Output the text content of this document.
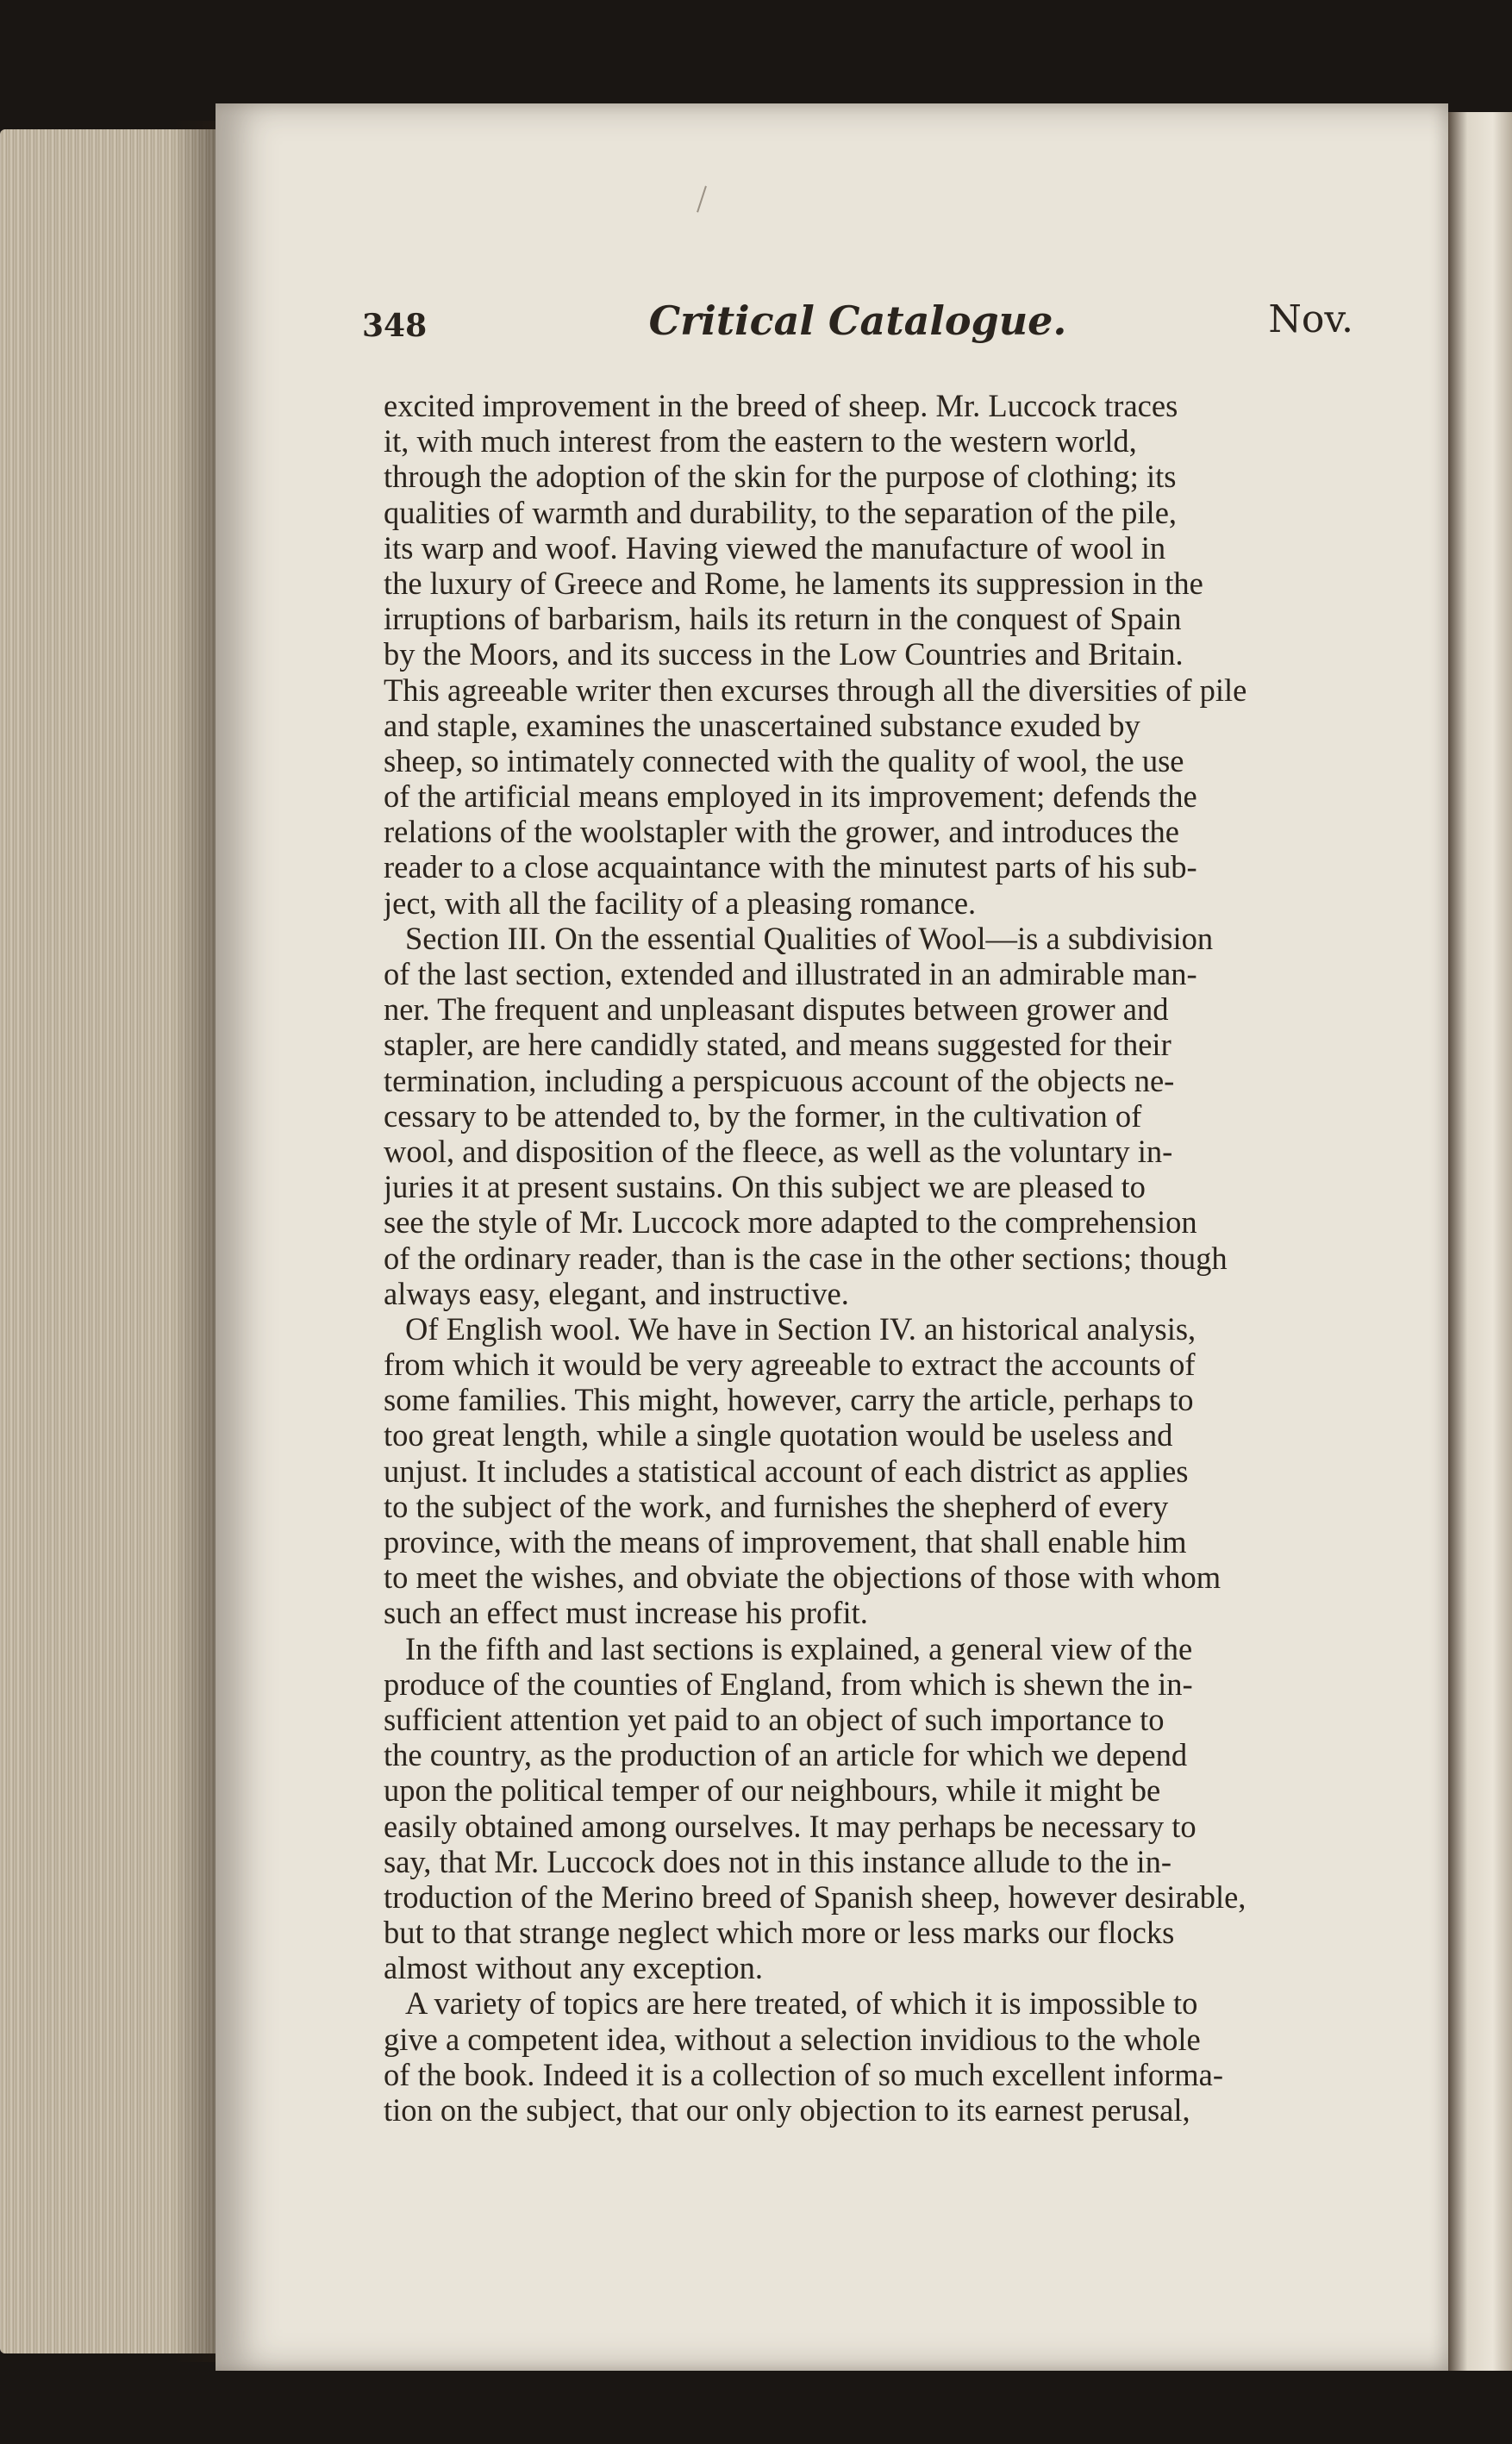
348	Critical Catalogue.	Nov.
excited improvement in the breed of sheep. Mr. Luccock traces
it, with much interest from the eastern to the western world,
through the adoption of the skin for the purpose of clothing; its
qualities of warmth and durability, to the separation of the pile,
its warp and woof. Having viewed the manufacture of wool in
the luxury of Greece and Rome, he laments its suppression in the
irruptions of barbarism, hails its return in the conquest of Spain
by the Moors, and its success in the Low Countries and Britain.
This agreeable writer then excurses through all the diversities of pile
and staple, examines the unascertained substance exuded by
sheep, so intimately connected with the quality of wool, the use
of the artificial means employed in its improvement; defends the
relations of the woolstapler with the grower, and introduces the
reader to a close acquaintance with the minutest parts of his sub-
ject, with all the facility of a pleasing romance.
Section III. On the essential Qualities of Wool—is a subdivision
of the last section, extended and illustrated in an admirable man-
ner. The frequent and unpleasant disputes between grower and
stapler, are here candidly stated, and means suggested for their
termination, including a perspicuous account of the objects ne-
cessary to be attended to, by the former, in the cultivation of
wool, and disposition of the fleece, as well as the voluntary in-
juries it at present sustains. On this subject we are pleased to
see the style of Mr. Luccock more adapted to the comprehension
of the ordinary reader, than is the case in the other sections; though
always easy, elegant, and instructive.
Of English wool. We have in Section IV. an historical analysis,
from which it would be very agreeable to extract the accounts of
some families. This might, however, carry the article, perhaps to
too great length, while a single quotation would be useless and
unjust. It includes a statistical account of each district as applies
to the subject of the work, and furnishes the shepherd of every
province, with the means of improvement, that shall enable him
to meet the wishes, and obviate the objections of those with whom
such an effect must increase his profit.
In the fifth and last sections is explained, a general view of the
produce of the counties of England, from which is shewn the in-
sufficient attention yet paid to an object of such importance to
the country, as the production of an article for which we depend
upon the political temper of our neighbours, while it might be
easily obtained among ourselves. It may perhaps be necessary to
say, that Mr. Luccock does not in this instance allude to the in-
troduction of the Merino breed of Spanish sheep, however desirable,
but to that strange neglect which more or less marks our flocks
almost without any exception.
A variety of topics are here treated, of which it is impossible to
give a competent idea, without a selection invidious to the whole
of the book. Indeed it is a collection of so much excellent informa-
tion on the subject, that our only objection to its earnest perusal,
